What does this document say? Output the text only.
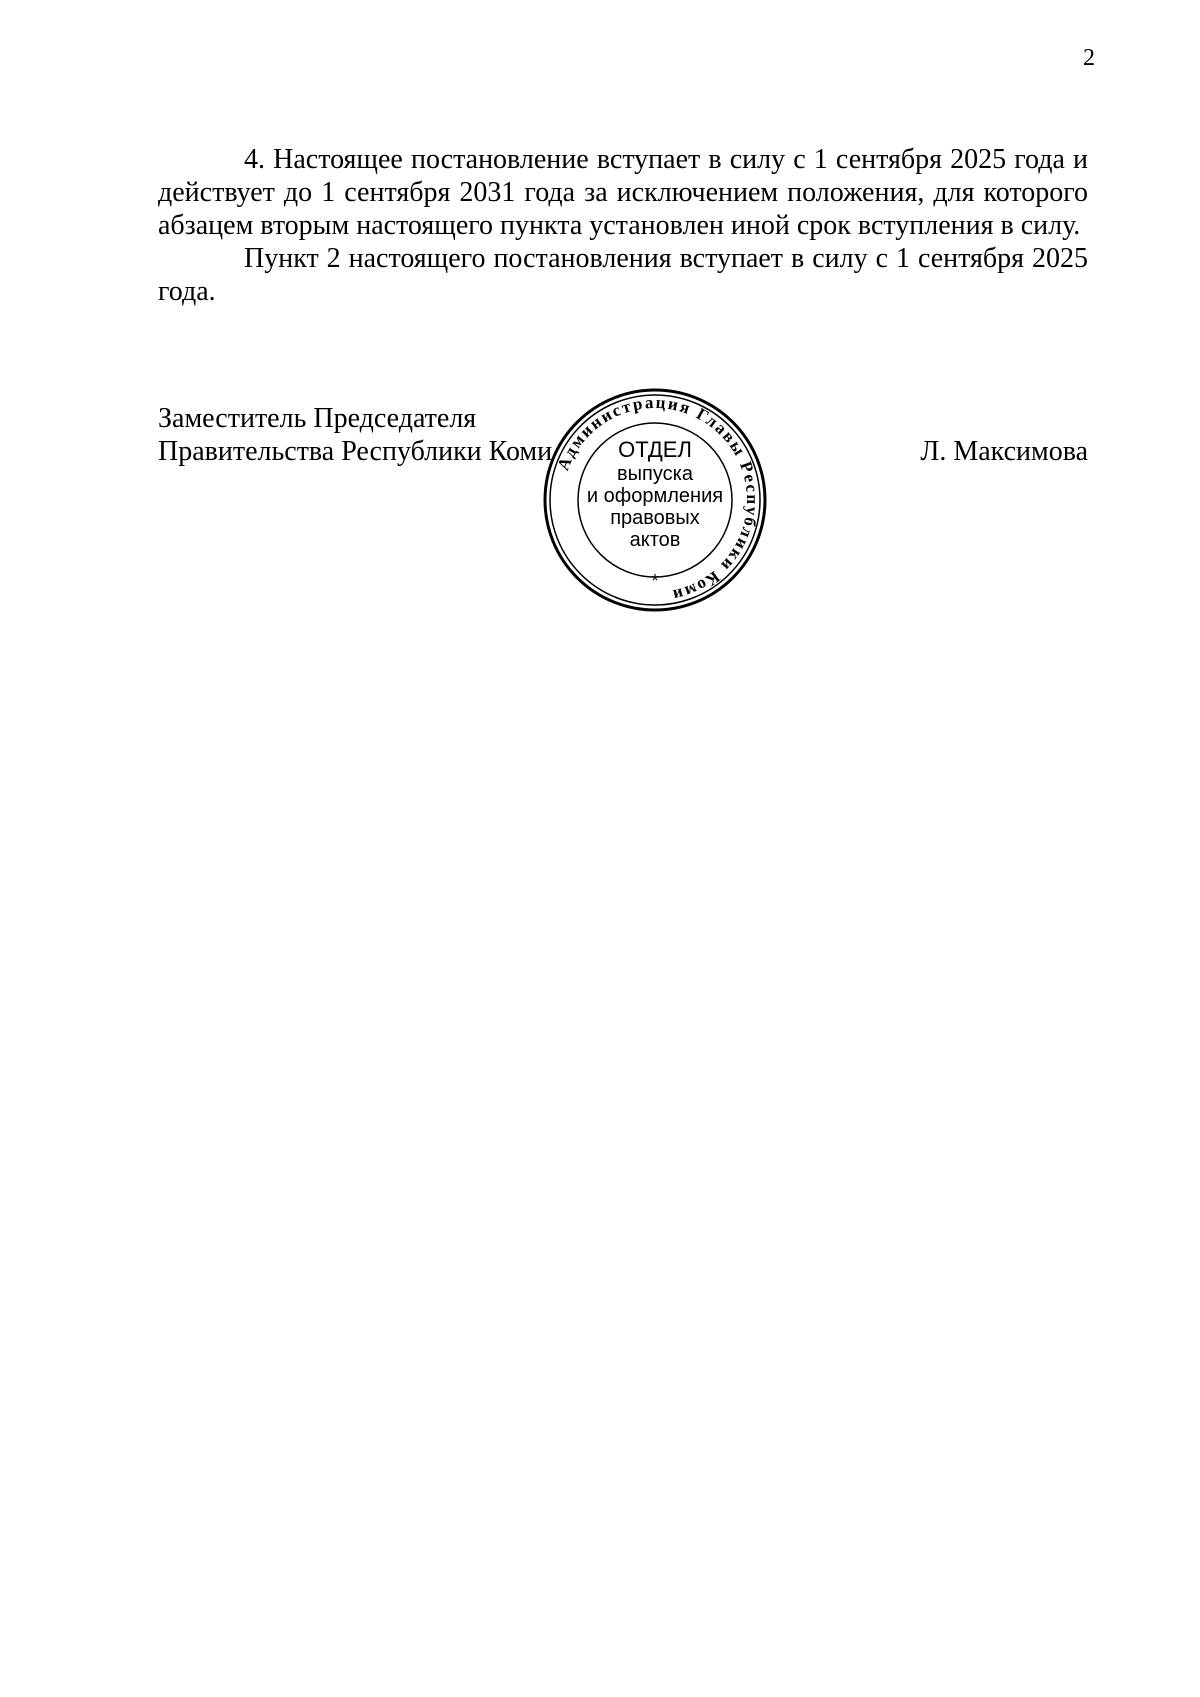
2

4. Настоящее постановление вступает в силу с 1 сентября 2025 года и действует до 1 сентября 2031 года за исключением положения, для которого абзацем вторым настоящего пункта установлен иной срок вступления в силу.

Пункт 2 настоящего постановления вступает в силу с 1 сентября 2025 года.

Заместитель Председателя
Правительства Республики Коми	Л. Максимова
Администрация Главы Республики Коми
ОТДЕЛ
выпуска
и оформления
правовых
актов
*
